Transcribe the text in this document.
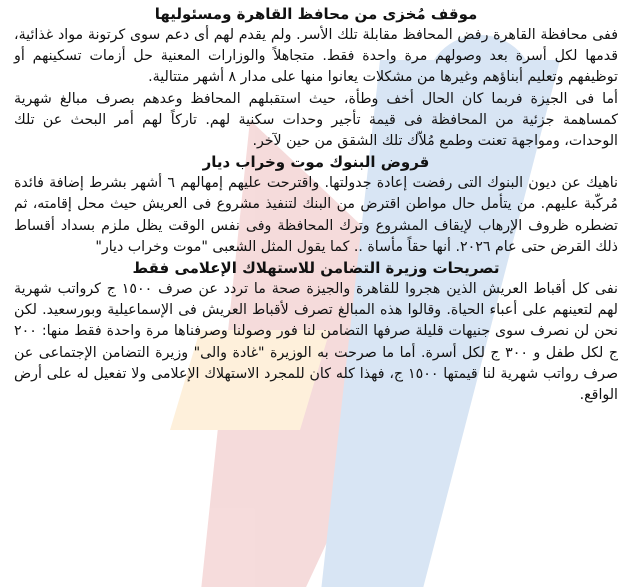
موقف مُخزى من محافظ القاهرة ومسئوليها

ففى محافظة القاهرة رفض المحافظ مقابلة تلك الأسر. ولم يقدم لهم أى دعم سوى كرتونة مواد غذائية، قدمها لكل أسرة بعد وصولهم مرة واحدة فقط. متجاهلاً والوزارات المعنية حل أزمات تسكينهم أو توظيفهم وتعليم أبناؤهم وغيرها من مشكلات يعانوا منها على مدار ٨ أشهر متتالية.

أما فى الجيزة فربما كان الحال أخف وطأة، حيث استقبلهم المحافظ وعدهم بصرف مبالغ شهرية كمساهمة جزئية من المحافظة فى قيمة تأجير وحدات سكنية لهم. تاركاً لهم أمر البحث عن تلك الوحدات، ومواجهة تعنت وطمع مُلاّك تلك الشقق من حين لآخر.

قروض البنوك موت وخراب ديار

ناهيك عن ديون البنوك التى رفضت إعادة جدولتها. واقترحت عليهم إمهالهم ٦ أشهر بشرط إضافة فائدة مُركّبة عليهم. من يتأمل حال مواطن اقترض من البنك لتنفيذ مشروع فى العريش حيث محل إقامته، ثم تضطره ظروف الإرهاب لإيقاف المشروع وترك المحافظة وفى نفس الوقت يظل ملزم بسداد أقساط ذلك القرض حتى عام ٢٠٢٦. أنها حقاً مأساة .. كما يقول المثل الشعبى "موت وخراب ديار"

تصريحات وزيرة التضامن للاستهلاك الإعلامى فقط

نفى كل أقباط العريش الذين هجروا للقاهرة والجيزة صحة ما تردد عن صرف ١٥٠٠ ج كرواتب شهرية لهم لتعينهم على أعباء الحياة. وقالوا هذه المبالغ تصرف لأقباط العريش فى الإسماعيلية وبورسعيد. لكن نحن لن نصرف سوى جنيهات قليلة صرفها التضامن لنا فور وصولنا وصرفناها مرة واحدة فقط منها: ٢٠٠ ج لكل طفل و ٣٠٠ ج لكل أسرة. أما ما صرحت به الوزيرة "غادة والى" وزيرة التضامن الإجتماعى عن صرف رواتب شهرية لنا قيمتها ١٥٠٠ ج، فهذا كله كان للمجرد الاستهلاك الإعلامى ولا تفعيل له على أرض الواقع.
